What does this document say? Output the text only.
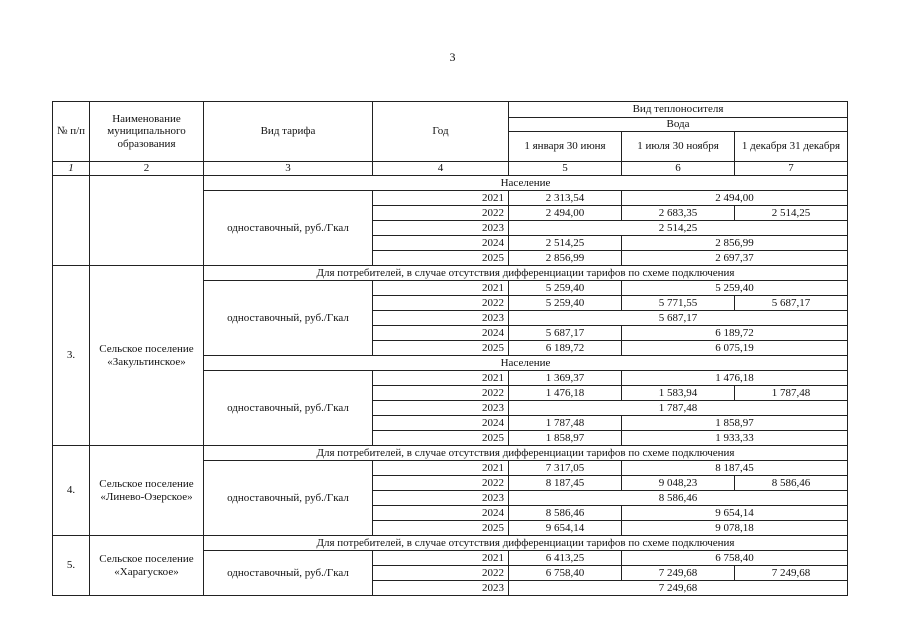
3
№ п/п	Наименование муниципального образования	Вид тарифа	Год	Вид теплоносителя		
				Вода		
				1 января 30 июня	1 июля 30 ноября	1 декабря 31 декабря
1	2	3	4	5	6	7
		Население				
		одноставочный, руб./Гкал	2021	2 313,54	2 494,00	
			2022	2 494,00	2 683,35	2 514,25
			2023	2 514,25		
			2024	2 514,25	2 856,99	
			2025	2 856,99	2 697,37	
3.	Сельское поселение «Закультинское»	Для потребителей, в случае отсутствия дифференциации тарифов по схеме подключения				
		одноставочный, руб./Гкал	2021	5 259,40	5 259,40	
			2022	5 259,40	5 771,55	5 687,17
			2023	5 687,17		
			2024	5 687,17	6 189,72	
			2025	6 189,72	6 075,19	
		Население				
		одноставочный, руб./Гкал	2021	1 369,37	1 476,18	
			2022	1 476,18	1 583,94	1 787,48
			2023	1 787,48		
			2024	1 787,48	1 858,97	
			2025	1 858,97	1 933,33	
4.	Сельское поселение «Линево-Озерское»	Для потребителей, в случае отсутствия дифференциации тарифов по схеме подключения				
		одноставочный, руб./Гкал	2021	7 317,05	8 187,45	
			2022	8 187,45	9 048,23	8 586,46
			2023	8 586,46		
			2024	8 586,46	9 654,14	
			2025	9 654,14	9 078,18	
5.	Сельское поселение «Харагуское»	Для потребителей, в случае отсутствия дифференциации тарифов по схеме подключения				
		одноставочный, руб./Гкал	2021	6 413,25	6 758,40	
			2022	6 758,40	7 249,68	7 249,68
			2023	7 249,68		
